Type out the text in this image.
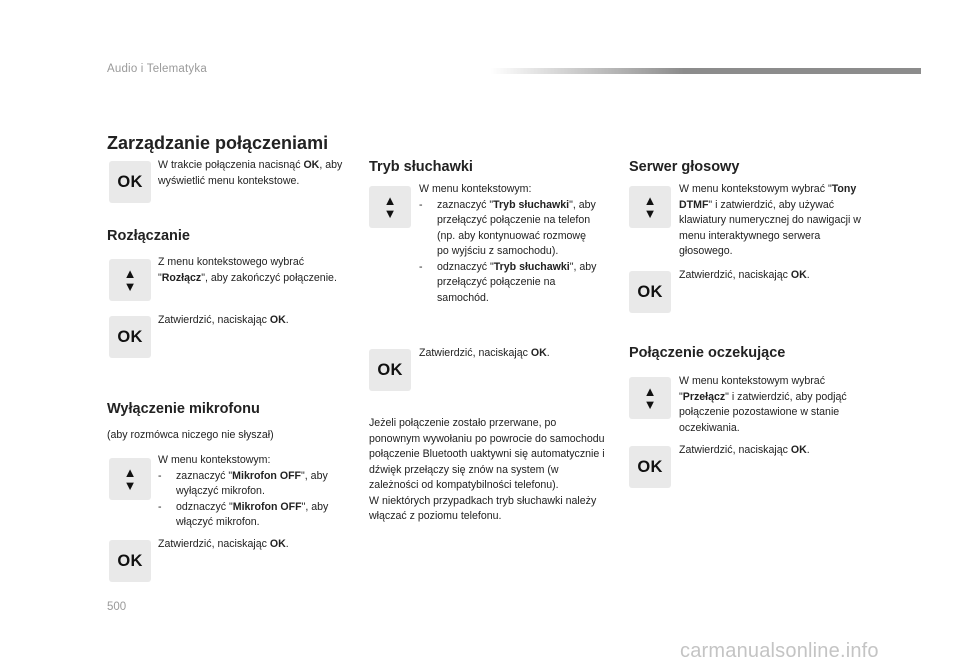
Audio i Telematyka
Zarządzanie połączeniami
OK
W trakcie połączenia nacisnąć OK, aby wyświetlić menu kontekstowe.
Rozłączanie
▲
▼
Z menu kontekstowego wybrać "Rozłącz", aby zakończyć połączenie.
OK
Zatwierdzić, naciskając OK.
Wyłączenie mikrofonu
(aby rozmówca niczego nie słyszał)
▲
▼
W menu kontekstowym:
- zaznaczyć "Mikrofon OFF", aby wyłączyć mikrofon.
- odznaczyć "Mikrofon OFF", aby włączyć mikrofon.
OK
Zatwierdzić, naciskając OK.
Tryb słuchawki
▲
▼
W menu kontekstowym:
- zaznaczyć "Tryb słuchawki", aby przełączyć połączenie na telefon (np. aby kontynuować rozmowę po wyjściu z samochodu).
- odznaczyć "Tryb słuchawki", aby przełączyć połączenie na samochód.
OK
Zatwierdzić, naciskając OK.
Jeżeli połączenie zostało przerwane, po ponownym wywołaniu po powrocie do samochodu połączenie Bluetooth uaktywni się automatycznie i dźwięk przełączy się znów na system (w zależności od kompatybilności telefonu).
W niektórych przypadkach tryb słuchawki należy włączać z poziomu telefonu.
Serwer głosowy
▲
▼
W menu kontekstowym wybrać "Tony DTMF" i zatwierdzić, aby używać klawiatury numerycznej do nawigacji w menu interaktywnego serwera głosowego.
OK
Zatwierdzić, naciskając OK.
Połączenie oczekujące
▲
▼
W menu kontekstowym wybrać "Przełącz" i zatwierdzić, aby podjąć połączenie pozostawione w stanie oczekiwania.
OK
Zatwierdzić, naciskając OK.
500
carmanualsonline.info
